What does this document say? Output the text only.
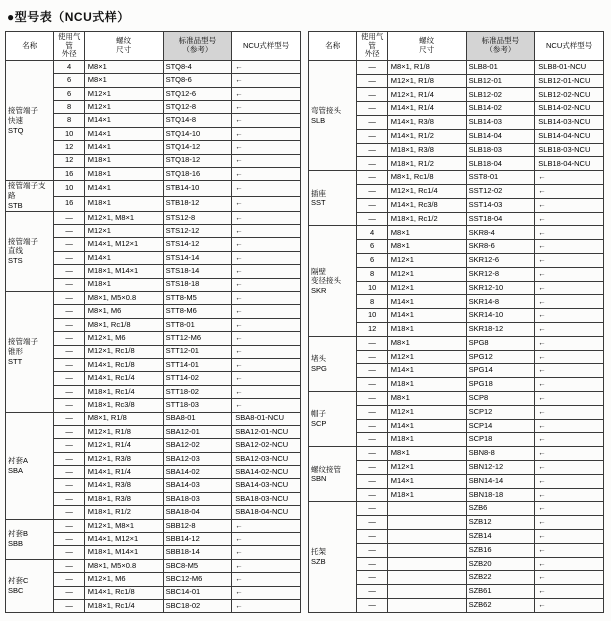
●型号表（NCU式样）
名称

使用气管
外径

螺纹
尺寸

标准品型号
（参考）	NCU式样型号

接管端子
快速
STQ	4	M8×1	STQ8-4	←
	6	M8×1	STQ8-6	←
	6	M12×1	STQ12-6	←
	8	M12×1	STQ12-8	←
	8	M14×1	STQ14-8	←
	10	M14×1	STQ14-10	←
	12	M14×1	STQ14-12	←
	12	M18×1	STQ18-12	←
	16	M18×1	STQ18-16	←

接管端子支路
STB	10	M14×1	STB14-10	←
	16	M18×1	STB18-12	←

接管端子
直线
STS	—	M12×1, M8×1	STS12-8	←
	—	M12×1	STS12-12	←
	—	M14×1, M12×1	STS14-12	←
	—	M14×1	STS14-14	←
	—	M18×1, M14×1	STS18-14	←
	—	M18×1	STS18-18	←

接管端子
锥形
STT	—	M8×1, M5×0.8	STT8-M5	←
	—	M8×1, M6	STT8-M6	←
	—	M8×1, Rc1/8	STT8-01	←
	—	M12×1, M6	STT12-M6	←
	—	M12×1, Rc1/8	STT12-01	←
	—	M14×1, Rc1/8	STT14-01	←
	—	M14×1, Rc1/4	STT14-02	←
	—	M18×1, Rc1/4	STT18-02	←
	—	M18×1, Rc3/8	STT18-03	←

衬套A
SBA	—	M8×1, R1/8	SBA8-01	SBA8-01-NCU
	—	M12×1, R1/8	SBA12-01	SBA12-01-NCU
	—	M12×1, R1/4	SBA12-02	SBA12-02-NCU
	—	M12×1, R3/8	SBA12-03	SBA12-03-NCU
	—	M14×1, R1/4	SBA14-02	SBA14-02-NCU
	—	M14×1, R3/8	SBA14-03	SBA14-03-NCU
	—	M18×1, R3/8	SBA18-03	SBA18-03-NCU
	—	M18×1, R1/2	SBA18-04	SBA18-04-NCU

衬套B
SBB	—	M12×1, M8×1	SBB12-8	←
	—	M14×1, M12×1	SBB14-12	←
	—	M18×1, M14×1	SBB18-14	←

衬套C
SBC	—	M8×1, M5×0.8	SBC8-M5	←
	—	M12×1, M6	SBC12-M6	←
	—	M14×1, Rc1/8	SBC14-01	←
	—	M18×1, Rc1/4	SBC18-02	←
名称

使用气管
外径

螺纹
尺寸

标准品型号
（参考）	NCU式样型号

弯管接头
SLB	—	M8×1, R1/8	SLB8-01	SLB8-01-NCU
	—	M12×1, R1/8	SLB12-01	SLB12-01-NCU
	—	M12×1, R1/4	SLB12-02	SLB12-02-NCU
	—	M14×1, R1/4	SLB14-02	SLB14-02-NCU
	—	M14×1, R3/8	SLB14-03	SLB14-03-NCU
	—	M14×1, R1/2	SLB14-04	SLB14-04-NCU
	—	M18×1, R3/8	SLB18-03	SLB18-03-NCU
	—	M18×1, R1/2	SLB18-04	SLB18-04-NCU

插座
SST	—	M8×1, Rc1/8	SST8-01	←
	—	M12×1, Rc1/4	SST12-02	←
	—	M14×1, Rc3/8	SST14-03	←
	—	M18×1, Rc1/2	SST18-04	←

隔壁
变径接头
SKR	4	M8×1	SKR8-4	←
	6	M8×1	SKR8-6	←
	6	M12×1	SKR12-6	←
	8	M12×1	SKR12-8	←
	10	M12×1	SKR12-10	←
	8	M14×1	SKR14-8	←
	10	M14×1	SKR14-10	←
	12	M18×1	SKR18-12	←

堵头
SPG	—	M8×1	SPG8	←
	—	M12×1	SPG12	←
	—	M14×1	SPG14	←
	—	M18×1	SPG18	←

帽子
SCP	—	M8×1	SCP8	←
	—	M12×1	SCP12	←
	—	M14×1	SCP14	←
	—	M18×1	SCP18	←

螺纹接管
SBN	—	M8×1	SBN8-8	←
	—	M12×1	SBN12-12	←
	—	M14×1	SBN14-14	←
	—	M18×1	SBN18-18	←

托架
SZB	—		SZB6	←
	—		SZB12	←
	—		SZB14	←
	—		SZB16	←
	—		SZB20	←
	—		SZB22	←
	—		SZB61	←
	—		SZB62	←
